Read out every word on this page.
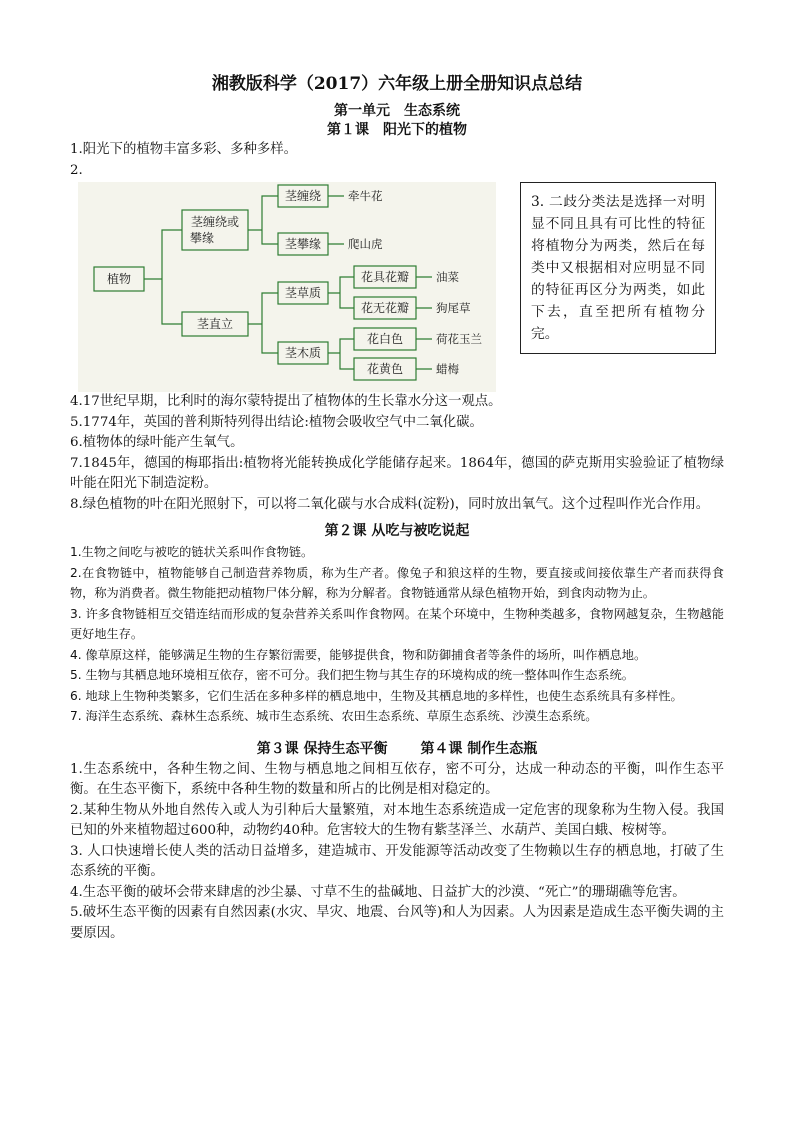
湘教版科学（2017）六年级上册全册知识点总结
第一单元　生态系统
第１课　阳光下的植物

1.阳光下的植物丰富多彩、多种多样。

2.

植物
茎缠绕或
攀缘
茎直立
茎缠绕
茎攀缘
茎草质
茎木质
花具花瓣
花无花瓣
花白色
花黄色
牵牛花
爬山虎
油菜
狗尾草
荷花玉兰
蜡梅
3. 二歧分类法是选择一对明显不同且具有可比性的特征将植物分为两类，然后在每类中又根据相对应明显不同的特征再区分为两类，如此下去，直至把所有植物分完。

4.17世纪早期，比利时的海尔蒙特提出了植物体的生长靠水分这一观点。

5.1774年，英国的普利斯特列得出结论:植物会吸收空气中二氧化碳。

6.植物体的绿叶能产生氧气。

7.1845年，德国的梅耶指出:植物将光能转换成化学能储存起来。1864年，德国的萨克斯用实验验证了植物绿叶能在阳光下制造淀粉。

8.绿色植物的叶在阳光照射下，可以将二氧化碳与水合成料(淀粉)，同时放出氧气。这个过程叫作光合作用。

第２课 从吃与被吃说起

1.生物之间吃与被吃的链状关系叫作食物链。

2.在食物链中，植物能够自己制造营养物质，称为生产者。像兔子和狼这样的生物，要直接或间接依靠生产者而获得食物，称为消费者。微生物能把动植物尸体分解，称为分解者。食物链通常从绿色植物开始，到食肉动物为止。

3. 许多食物链相互交错连结而形成的复杂营养关系叫作食物网。在某个环境中，生物种类越多，食物网越复杂，生物越能更好地生存。

4. 像草原这样，能够满足生物的生存繁衍需要，能够提供食，物和防御捕食者等条件的场所，叫作栖息地。

5. 生物与其栖息地环境相互依存，密不可分。我们把生物与其生存的环境构成的统一整体叫作生态系统。

6. 地球上生物种类繁多，它们生活在多种多样的栖息地中，生物及其栖息地的多样性，也使生态系统具有多样性。

7. 海洋生态系统、森林生态系统、城市生态系统、农田生态系统、草原生态系统、沙漠生态系统。

第３课 保持生态平衡 第４课 制作生态瓶

1.生态系统中，各种生物之间、生物与栖息地之间相互依存，密不可分，达成一种动态的平衡，叫作生态平衡。在生态平衡下，系统中各种生物的数量和所占的比例是相对稳定的。

2.某种生物从外地自然传入或人为引种后大量繁殖，对本地生态系统造成一定危害的现象称为生物入侵。我国已知的外来植物超过600种，动物约40种。危害较大的生物有紫茎泽兰、水葫芦、美国白蛾、桉树等。

3. 人口快速增长使人类的活动日益增多，建造城市、开发能源等活动改变了生物赖以生存的栖息地，打破了生态系统的平衡。

4.生态平衡的破坏会带来肆虐的沙尘暴、寸草不生的盐碱地、日益扩大的沙漠、“死亡”的珊瑚礁等危害。

5.破坏生态平衡的因素有自然因素(水灾、旱灾、地震、台风等)和人为因素。人为因素是造成生态平衡失调的主要原因。
